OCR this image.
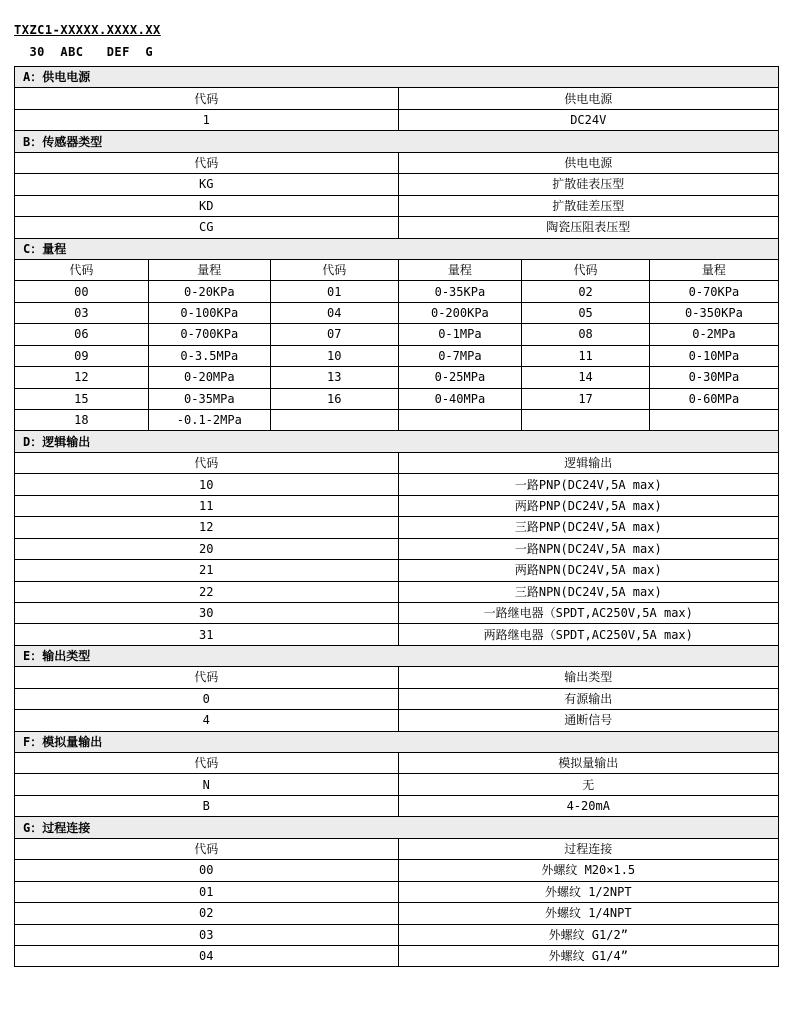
TXZC1-XXXXX.XXXX.XX
30  ABC   DEF  G
A：供电电源	
代码	供电电源
1	DC24V
B：传感器类型	
代码	供电电源
KG	扩散硅表压型
KD	扩散硅差压型
CG	陶瓷压阻表压型
C：量程					
代码	量程	代码	量程	代码	量程
00	0-20KPa	01	0-35KPa	02	0-70KPa
03	0-100KPa	04	0-200KPa	05	0-350KPa
06	0-700KPa	07	0-1MPa	08	0-2MPa
09	0-3.5MPa	10	0-7MPa	11	0-10MPa
12	0-20MPa	13	0-25MPa	14	0-30MPa
15	0-35MPa	16	0-40MPa	17	0-60MPa
18	-0.1-2MPa				
D：逻辑输出	
代码	逻辑输出
10	一路PNP(DC24V,5A max)
11	两路PNP(DC24V,5A max)
12	三路PNP(DC24V,5A max)
20	一路NPN(DC24V,5A max)
21	两路NPN(DC24V,5A max)
22	三路NPN(DC24V,5A max)
30	一路继电器（SPDT,AC250V,5A max)
31	两路继电器（SPDT,AC250V,5A max)
E：输出类型	
代码	输出类型
0	有源输出
4	通断信号
F：模拟量输出	
代码	模拟量输出
N	无
B	4-20mA
G：过程连接	
代码	过程连接
00	外螺纹 M20×1.5
01	外螺纹 1/2NPT
02	外螺纹 1/4NPT
03	外螺纹 G1/2”
04	外螺纹 G1/4”
